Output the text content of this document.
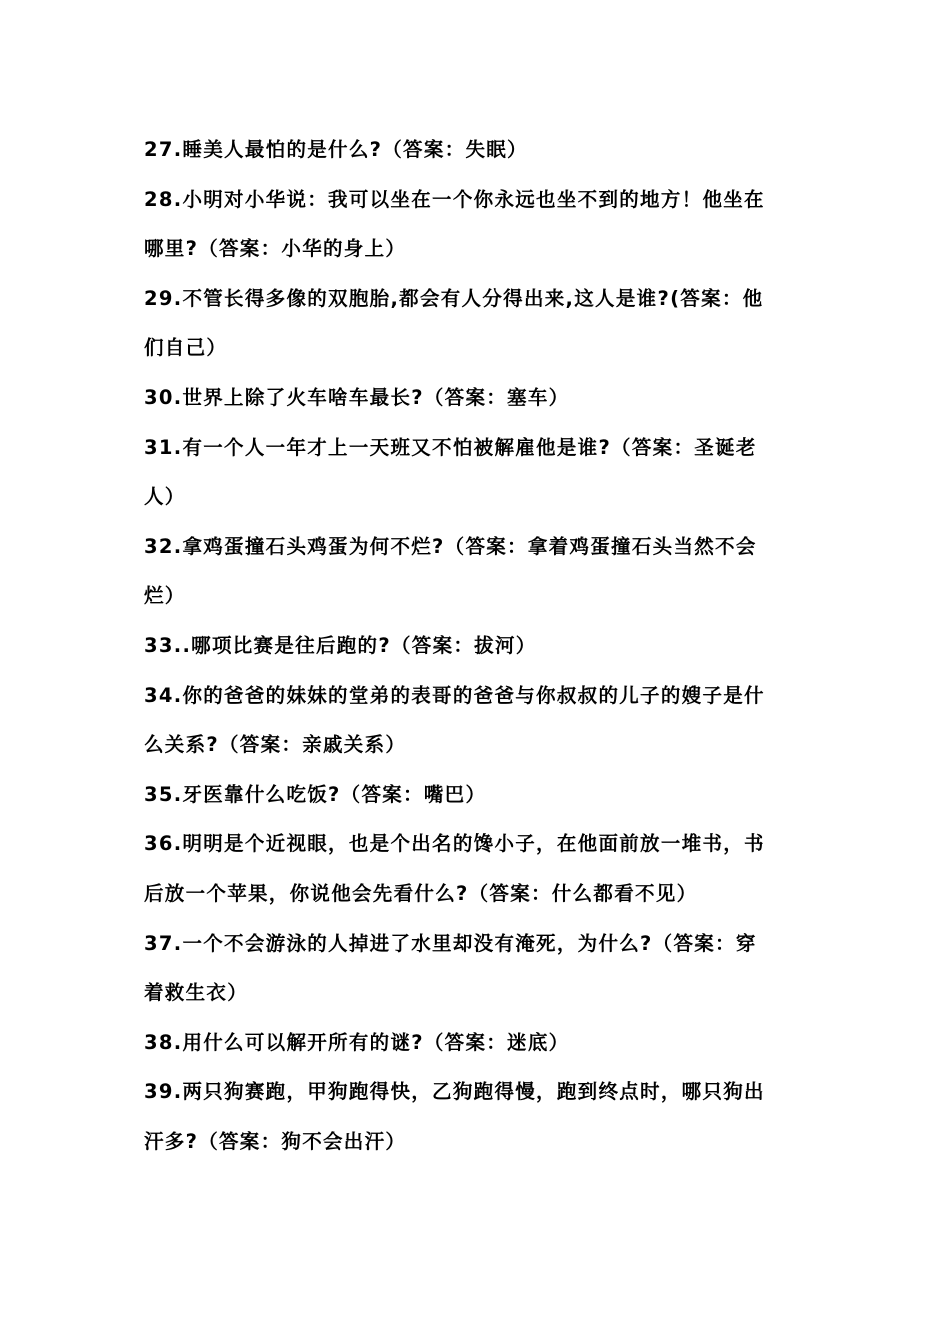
27.睡美人最怕的是什么?（答案：失眠）
28.小明对小华说：我可以坐在一个你永远也坐不到的地方！他坐在
哪里?（答案：小华的身上）
29.不管长得多像的双胞胎,都会有人分得出来,这人是谁?(答案：他
们自己）
30.世界上除了火车啥车最长?（答案：塞车）
31.有一个人一年才上一天班又不怕被解雇他是谁?（答案：圣诞老
人）
32.拿鸡蛋撞石头鸡蛋为何不烂?（答案：拿着鸡蛋撞石头当然不会
烂）
33..哪项比赛是往后跑的?（答案：拔河）
34.你的爸爸的妹妹的堂弟的表哥的爸爸与你叔叔的儿子的嫂子是什
么关系?（答案：亲戚关系）
35.牙医靠什么吃饭?（答案：嘴巴）
36.明明是个近视眼，也是个出名的馋小子，在他面前放一堆书，书
后放一个苹果，你说他会先看什么?（答案：什么都看不见）
37.一个不会游泳的人掉进了水里却没有淹死，为什么?（答案：穿
着救生衣）
38.用什么可以解开所有的谜?（答案：迷底）
39.两只狗赛跑，甲狗跑得快，乙狗跑得慢，跑到终点时，哪只狗出
汗多?（答案：狗不会出汗）
